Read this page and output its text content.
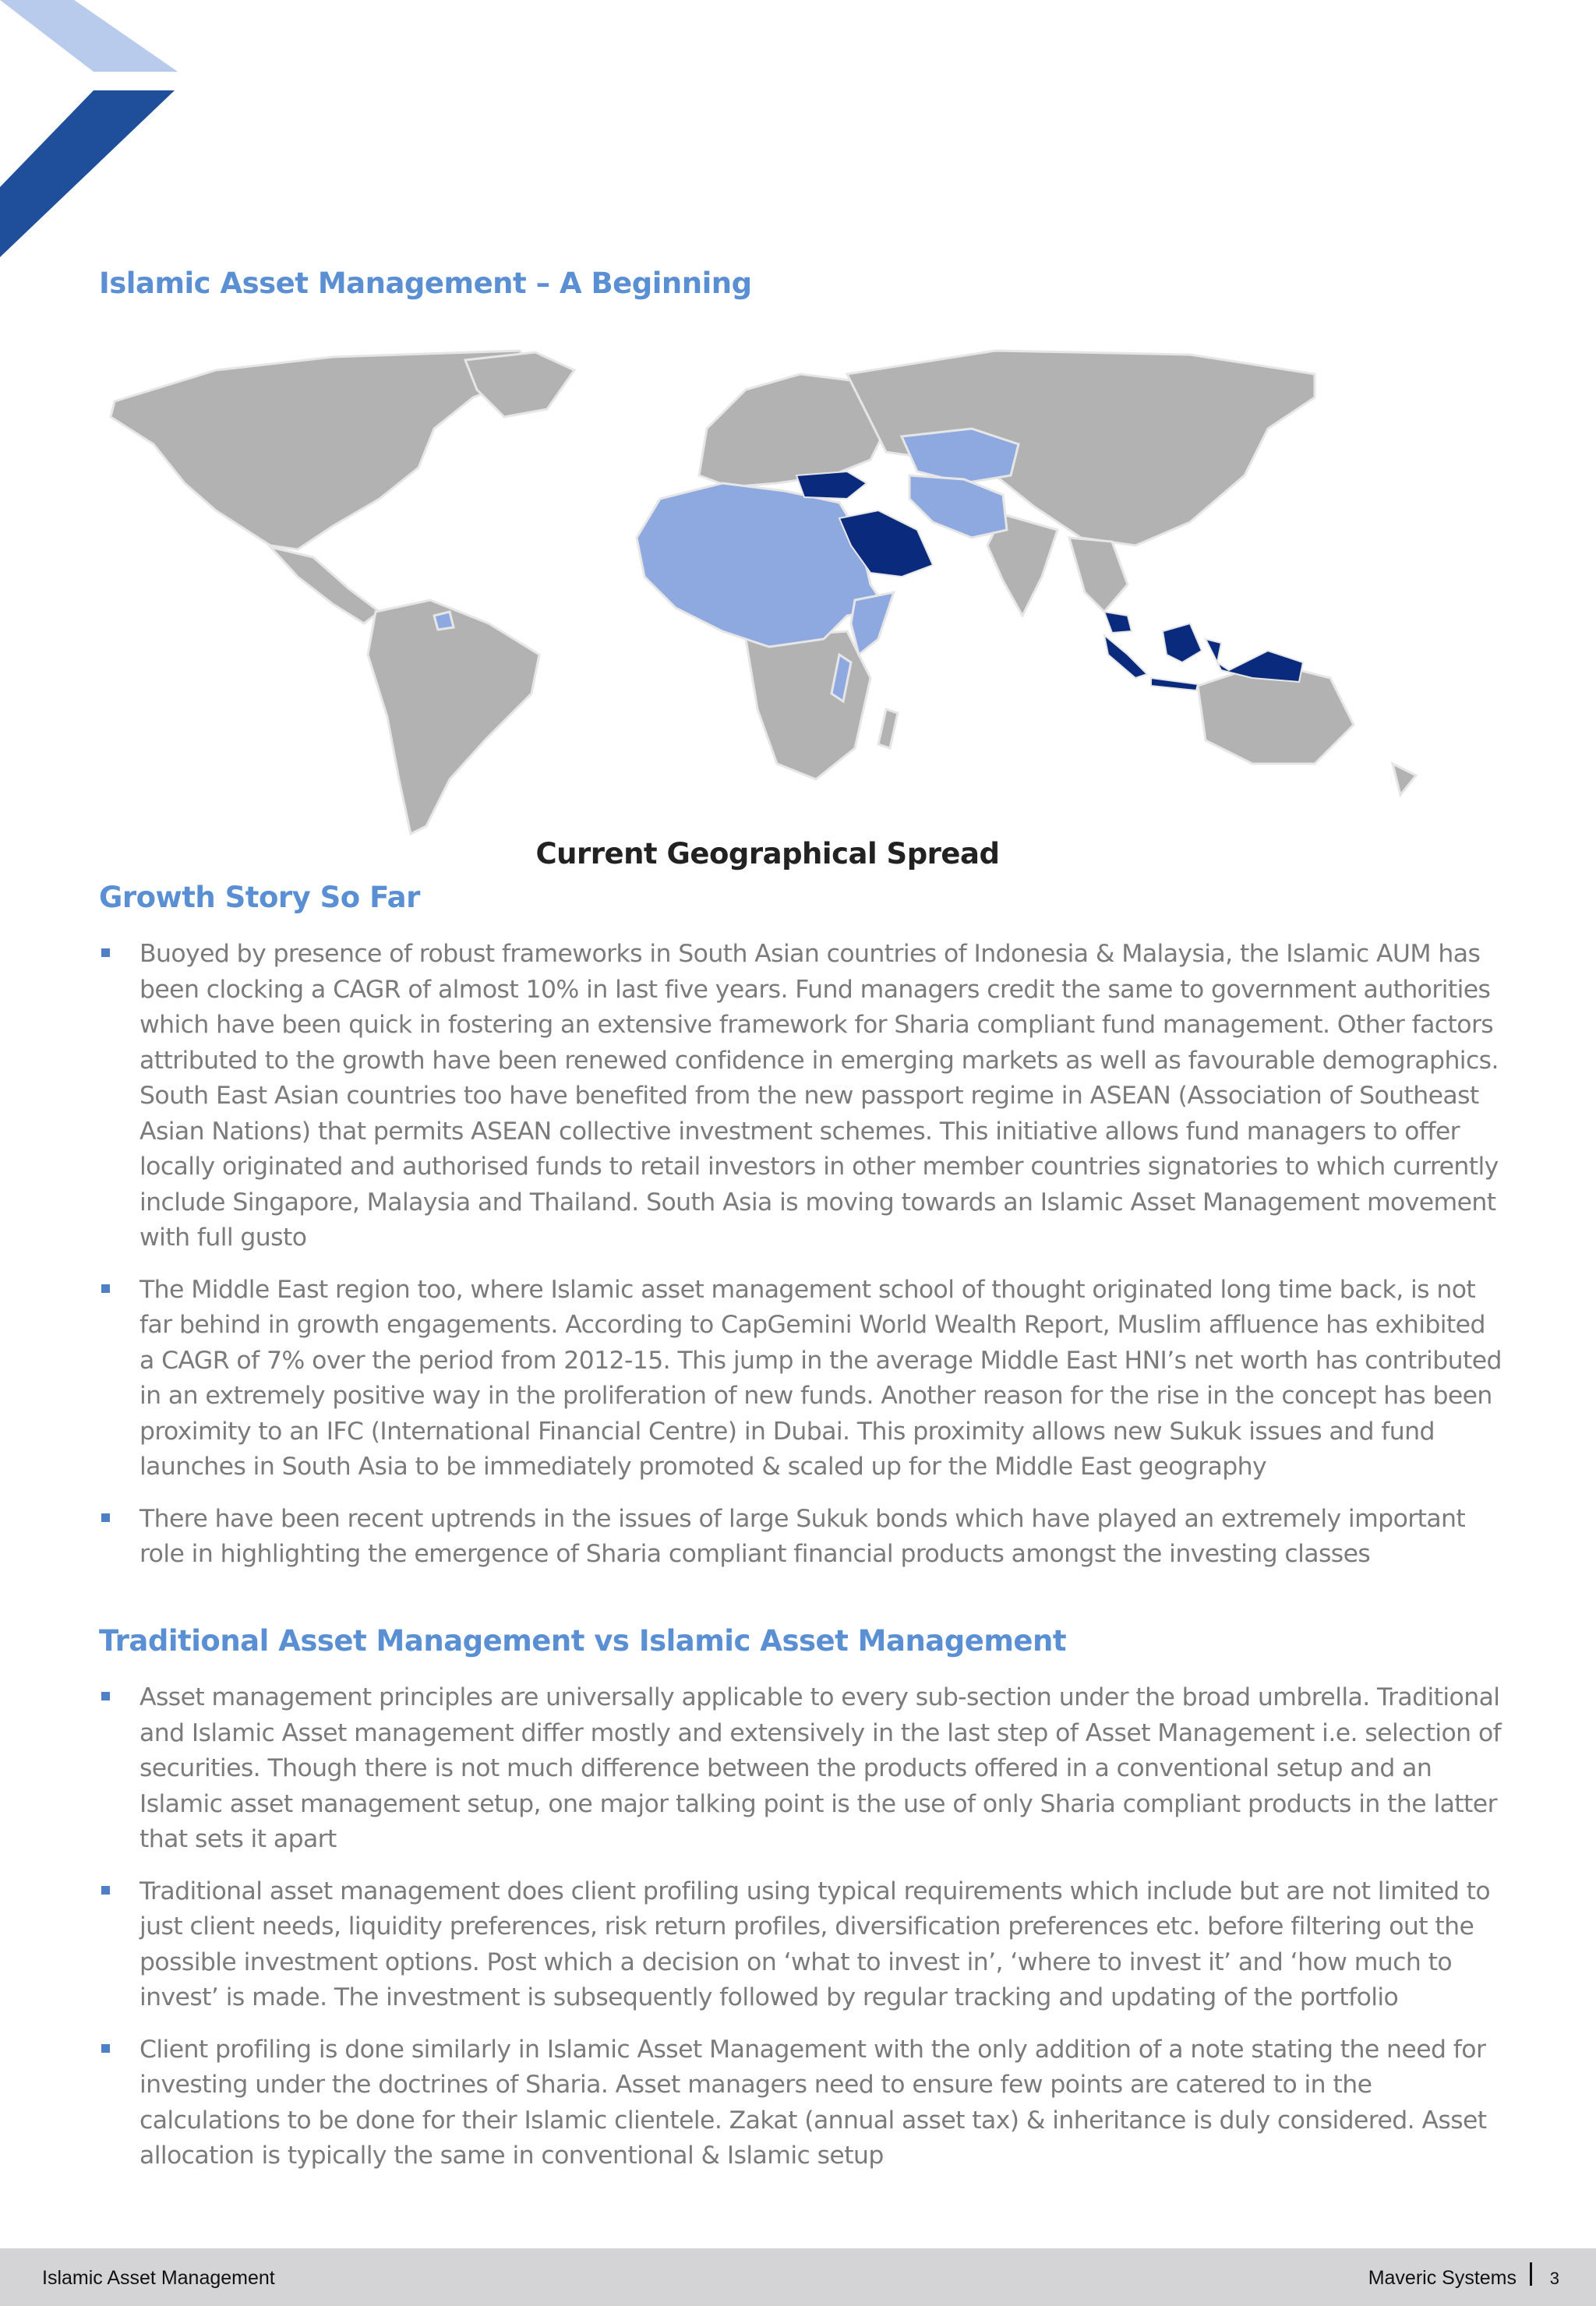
Islamic Asset Management – A Beginning
Current Geographical Spread
Growth Story So Far
Buoyed by presence of robust frameworks in South Asian countries of Indonesia & Malaysia, the Islamic AUM has been clocking a CAGR of almost 10% in last five years. Fund managers credit the same to government authorities which have been quick in fostering an extensive framework for Sharia compliant fund management. Other factors attributed to the growth have been renewed confidence in emerging markets as well as favourable demographics. South East Asian countries too have benefited from the new passport regime in ASEAN (Association of Southeast Asian Nations) that permits ASEAN collective investment schemes. This initiative allows fund managers to offer locally originated and authorised funds to retail investors in other member countries signatories to which currently include Singapore, Malaysia and Thailand. South Asia is moving towards an Islamic Asset Management movement with full gusto
The Middle East region too, where Islamic asset management school of thought originated long time back, is not far behind in growth engagements. According to CapGemini World Wealth Report, Muslim affluence has exhibited a CAGR of 7% over the period from 2012-15. This jump in the average Middle East HNI’s net worth has contributed in an extremely positive way in the proliferation of new funds. Another reason for the rise in the concept has been proximity to an IFC (International Financial Centre) in Dubai. This proximity allows new Sukuk issues and fund launches in South Asia to be immediately promoted & scaled up for the Middle East geography
There have been recent uptrends in the issues of large Sukuk bonds which have played an extremely important role in highlighting the emergence of Sharia compliant financial products amongst the investing classes
Traditional Asset Management vs Islamic Asset Management
Asset management principles are universally applicable to every sub-section under the broad umbrella. Traditional and Islamic Asset management differ mostly and extensively in the last step of Asset Management i.e. selection of securities. Though there is not much difference between the products offered in a conventional setup and an Islamic asset management setup, one major talking point is the use of only Sharia compliant products in the latter that sets it apart
Traditional asset management does client profiling using typical requirements which include but are not limited to just client needs, liquidity preferences, risk return profiles, diversification preferences etc. before filtering out the possible investment options. Post which a decision on ‘what to invest in’, ‘where to invest it’ and ‘how much to invest’ is made. The investment is subsequently followed by regular tracking and updating of the portfolio
Client profiling is done similarly in Islamic Asset Management with the only addition of a note stating the need for investing under the doctrines of Sharia. Asset managers need to ensure few points are catered to in the calculations to be done for their Islamic clientele. Zakat (annual asset tax) & inheritance is duly considered. Asset allocation is typically the same in conventional & Islamic setup
Islamic Asset Management	Maveric Systems 3
